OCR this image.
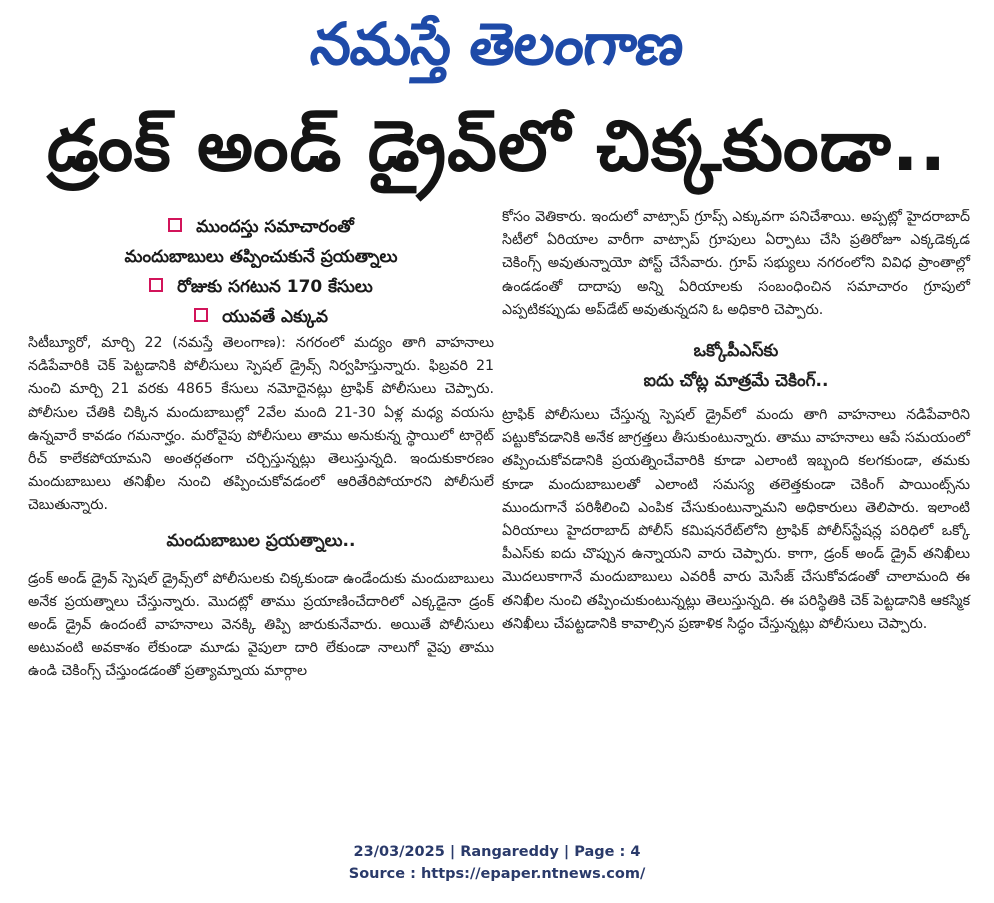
నమస్తే తెలంగాణ
డ్రంక్ అండ్ డ్రైవ్‌లో చిక్కకుండా..
ముందస్తు సమాచారంతో
మందుబాబులు తప్పించుకునే ప్రయత్నాలు
రోజుకు సగటున 170 కేసులు
యువతే ఎక్కువ

సిటీబ్యూరో, మార్చి 22 (నమస్తే తెలంగాణ): నగరంలో మద్యం తాగి వాహనాలు నడిపేవారికి చెక్ పెట్టడానికి పోలీసులు స్పెషల్ డ్రైవ్స్ నిర్వహిస్తున్నారు. ఫిబ్రవరి 21 నుంచి మార్చి 21 వరకు 4865 కేసులు నమోదైనట్లు ట్రాఫిక్ పోలీసులు చెప్పారు. పోలీసుల చేతికి చిక్కిన మందుబాబుల్లో 2వేల మంది 21-30 ఏళ్ల మధ్య వయసు ఉన్నవారే కావడం గమనార్హం. మరోవైపు పోలీసులు తాము అనుకున్న స్థాయిలో టార్గెట్ రీచ్ కాలేకపోయామని అంతర్గతంగా చర్చిస్తున్నట్లు తెలుస్తున్నది. ఇందుకుకారణం మందుబాబులు తనిఖీల నుంచి తప్పించుకోవడంలో ఆరితేరిపోయారని పోలీసులే చెబుతున్నారు.

మందుబాబుల ప్రయత్నాలు..

డ్రంక్ అండ్ డ్రైవ్ స్పెషల్ డ్రైవ్స్‌లో పోలీసులకు చిక్కకుండా ఉండేందుకు మందుబాబులు అనేక ప్రయత్నాలు చేస్తున్నారు. మొదట్లో తాము ప్రయాణించేదారిలో ఎక్కడైనా డ్రంక్ అండ్ డ్రైవ్ ఉందంటే వాహనాలు వెనక్కి తిప్పి జారుకునేవారు. అయితే పోలీసులు అటువంటి అవకాశం లేకుండా మూడు వైపులా దారి లేకుండా నాలుగో వైపు తాము ఉండి చెకింగ్స్ చేస్తుండడంతో ప్రత్యామ్నాయ మార్గాల

కోసం వెతికారు. ఇందులో వాట్సాప్ గ్రూప్స్ ఎక్కువగా పనిచేశాయి. అప్పట్లో హైదరాబాద్ సిటీలో ఏరియాల వారీగా వాట్సాప్ గ్రూపులు ఏర్పాటు చేసి ప్రతిరోజూ ఎక్కడెక్కడ చెకింగ్స్ అవుతున్నాయో పోస్ట్ చేసేవారు. గ్రూప్ సభ్యులు నగరంలోని వివిధ ప్రాంతాల్లో ఉండడంతో దాదాపు అన్ని ఏరియాలకు సంబంధించిన సమాచారం గ్రూపులో ఎప్పటికప్పుడు అప్‌డేట్ అవుతున్నదని ఓ అధికారి చెప్పారు.

ఒక్కోపీఎస్‌కు
ఐదు చోట్ల మాత్రమే చెకింగ్..

ట్రాఫిక్ పోలీసులు చేస్తున్న స్పెషల్ డ్రైవ్‌లో మందు తాగి వాహనాలు నడిపేవారిని పట్టుకోవడానికి అనేక జాగ్రత్తలు తీసుకుంటున్నారు. తాము వాహనాలు ఆపే సమయంలో తప్పించుకోవడానికి ప్రయత్నించేవారికి కూడా ఎలాంటి ఇబ్బంది కలగకుండా, తమకు కూడా మందుబాబులతో ఎలాంటి సమస్య తలెత్తకుండా చెకింగ్ పాయింట్స్‌ను ముందుగానే పరిశీలించి ఎంపిక చేసుకుంటున్నామని అధికారులు తెలిపారు. ఇలాంటి ఏరియాలు హైదరాబాద్ పోలీస్ కమిషనరేట్‌లోని ట్రాఫిక్ పోలీస్‌స్టేషన్ల పరిధిలో ఒక్కో పీఎస్‌కు ఐదు చొప్పున ఉన్నాయని వారు చెప్పారు. కాగా, డ్రంక్ అండ్ డ్రైవ్ తనిఖీలు మొదలుకాగానే మందుబాబులు ఎవరికీ వారు మెసేజ్ చేసుకోవడంతో చాలామంది ఈ తనిఖీల నుంచి తప్పించుకుంటున్నట్లు తెలుస్తున్నది. ఈ పరిస్థితికి చెక్ పెట్టడానికి ఆకస్మిక తనిఖీలు చేపట్టడానికి కావాల్సిన ప్రణాళిక సిద్ధం చేస్తున్నట్లు పోలీసులు చెప్పారు.

23/03/2025 | Rangareddy | Page : 4
Source : https://epaper.ntnews.com/
